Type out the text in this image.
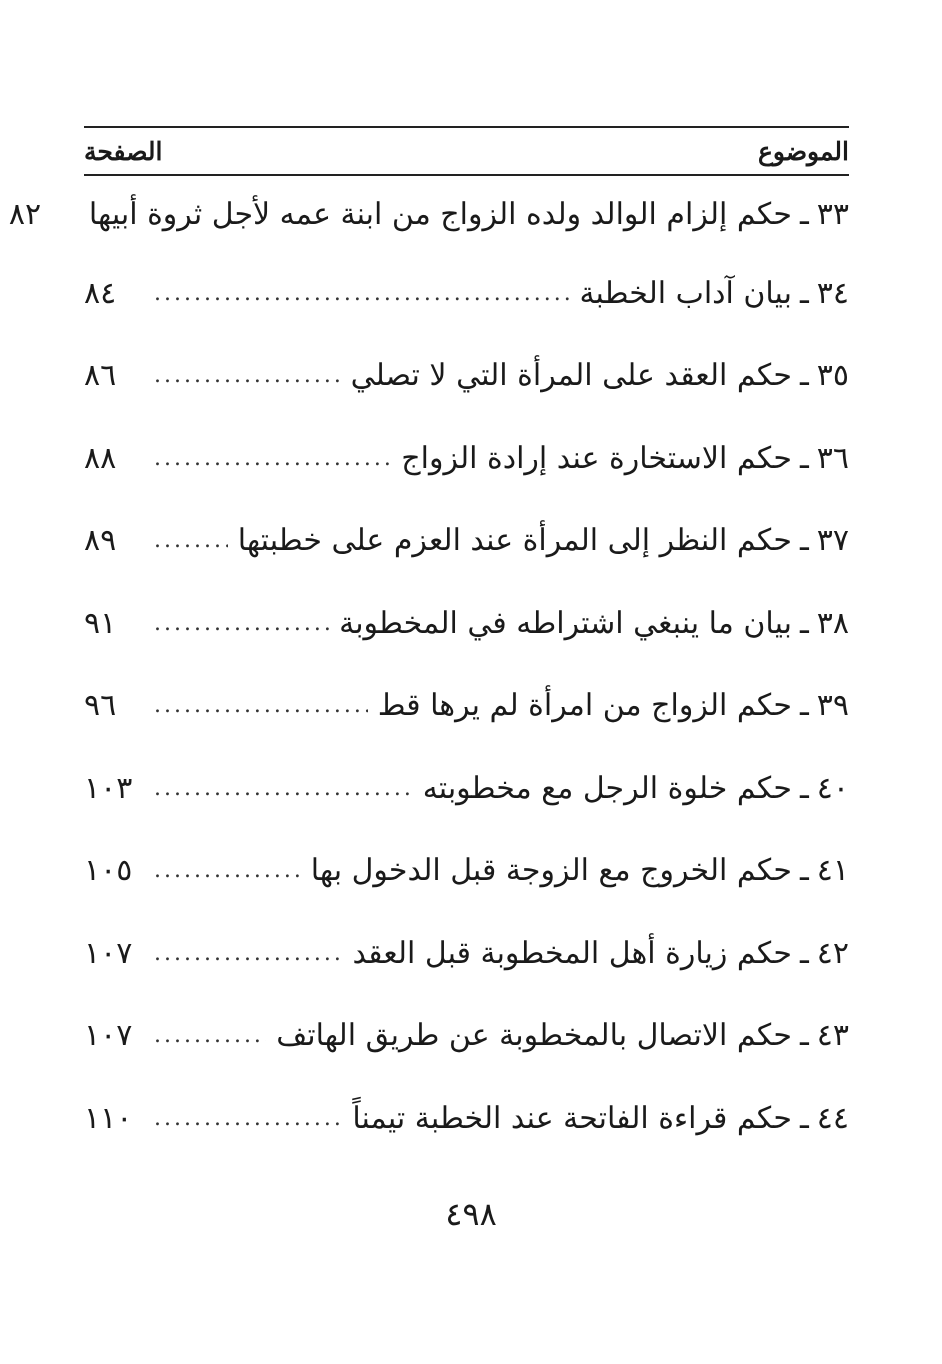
الموضوع
الصفحة
٣٣
ـ
حكم إلزام الوالد ولده الزواج من ابنة عمه لأجل ثروة أبيها
٨٢
٣٤
ـ
بيان آداب الخطبة
.....
٨٤
٣٥
ـ
حكم العقد على المرأة التي لا تصلي
.....
٨٦
٣٦
ـ
حكم الاستخارة عند إرادة الزواج
.....
٨٨
٣٧
ـ
حكم النظر إلى المرأة عند العزم على خطبتها
.....
٨٩
٣٨
ـ
بيان ما ينبغي اشتراطه في المخطوبة
.....
٩١
٣٩
ـ
حكم الزواج من امرأة لم يرها قط
.....
٩٦
٤٠
ـ
حكم خلوة الرجل مع مخطوبته
.....
١٠٣
٤١
ـ
حكم الخروج مع الزوجة قبل الدخول بها
.....
١٠٥
٤٢
ـ
حكم زيارة أهل المخطوبة قبل العقد
.....
١٠٧
٤٣
ـ
حكم الاتصال بالمخطوبة عن طريق الهاتف
.....
١٠٧
٤٤
ـ
حكم قراءة الفاتحة عند الخطبة تيمناً
.....
١١٠
٤٩٨
